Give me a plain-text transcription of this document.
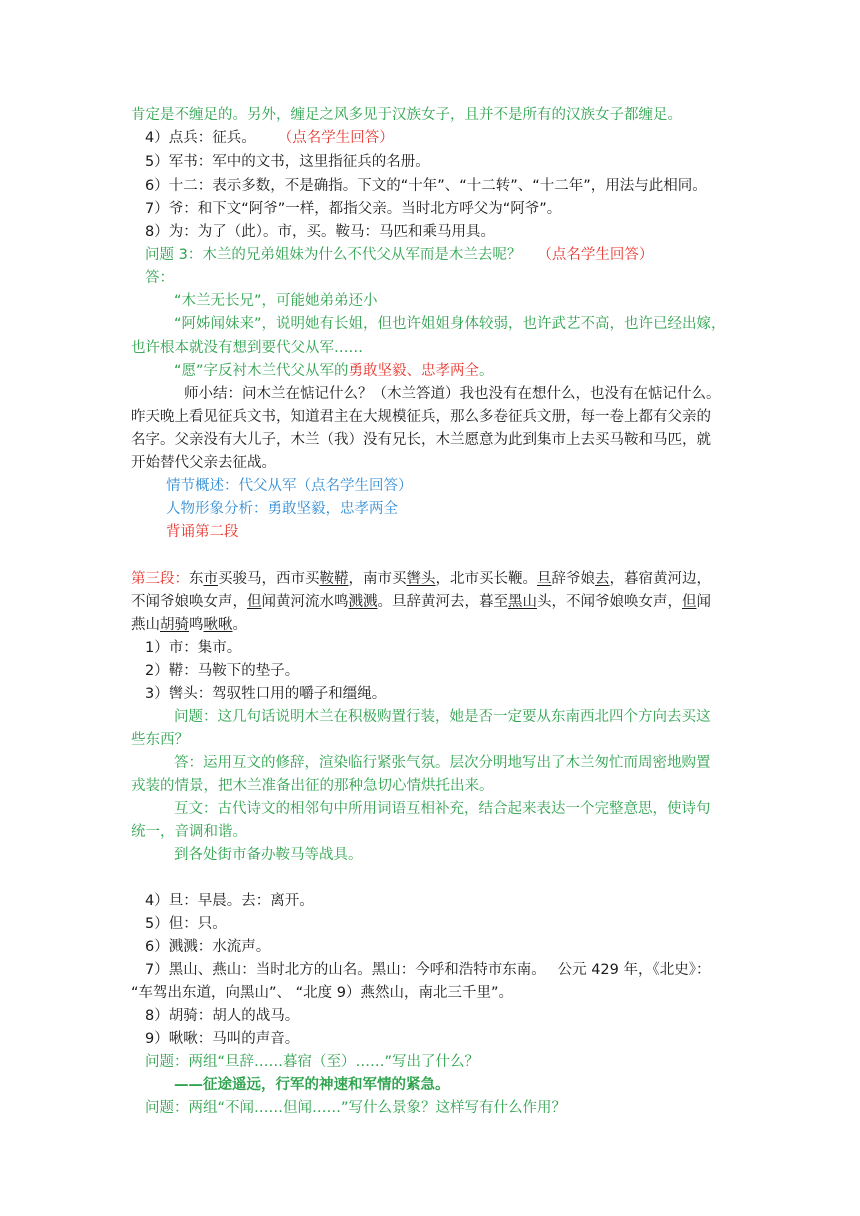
肯定是不缠足的。另外，缠足之风多见于汉族女子，且并不是所有的汉族女子都缠足。
4）点兵：征兵。 （点名学生回答）
5）军书：军中的文书，这里指征兵的名册。
6）十二：表示多数，不是确指。下文的“十年”、“十二转”、“十二年”，用法与此相同。
7）爷：和下文“阿爷”一样，都指父亲。当时北方呼父为“阿爷”。
8）为：为了（此）。市，买。鞍马：马匹和乘马用具。
问题 3：木兰的兄弟姐妹为什么不代父从军而是木兰去呢？ （点名学生回答）
答：
“木兰无长兄”，可能她弟弟还小
“阿姊闻妹来”，说明她有长姐，但也许姐姐身体较弱，也许武艺不高，也许已经出嫁，
也许根本就没有想到要代父从军……
“愿”字反衬木兰代父从军的勇敢坚毅、忠孝两全。
师小结：问木兰在惦记什么？（木兰答道）我也没有在想什么，也没有在惦记什么。
昨天晚上看见征兵文书，知道君主在大规模征兵，那么多卷征兵文册，每一卷上都有父亲的
名字。父亲没有大儿子，木兰（我）没有兄长，木兰愿意为此到集市上去买马鞍和马匹，就
开始替代父亲去征战。
情节概述：代父从军（点名学生回答）
人物形象分析：勇敢坚毅，忠孝两全
背诵第二段
第三段：东市买骏马，西市买鞍鞯，南市买辔头，北市买长鞭。旦辞爷娘去，暮宿黄河边，
不闻爷娘唤女声，但闻黄河流水鸣溅溅。旦辞黄河去，暮至黑山头，不闻爷娘唤女声，但闻
燕山胡骑鸣啾啾。
1）市：集市。
2）鞯：马鞍下的垫子。
3）辔头：驾驭牲口用的嚼子和缰绳。
问题：这几句话说明木兰在积极购置行装，她是否一定要从东南西北四个方向去买这
些东西？
答：运用互文的修辞，渲染临行紧张气氛。层次分明地写出了木兰匆忙而周密地购置
戎装的情景，把木兰准备出征的那种急切心情烘托出来。
互文：古代诗文的相邻句中所用词语互相补充，结合起来表达一个完整意思，使诗句
统一，音调和谐。
到各处街市备办鞍马等战具。
4）旦：早晨。去：离开。
5）但：只。
6）溅溅：水流声。
7）黑山、燕山：当时北方的山名。黑山：今呼和浩特市东南。　 公元 429 年，《北史》：
“车驾出东道，向黑山”、 “北度 9）燕然山，南北三千里”。
8）胡骑：胡人的战马。
9）啾啾：马叫的声音。
问题：两组“旦辞……暮宿（至）……”写出了什么？
——征途遥远，行军的神速和军情的紧急。
问题：两组“不闻……但闻……”写什么景象？这样写有什么作用？
